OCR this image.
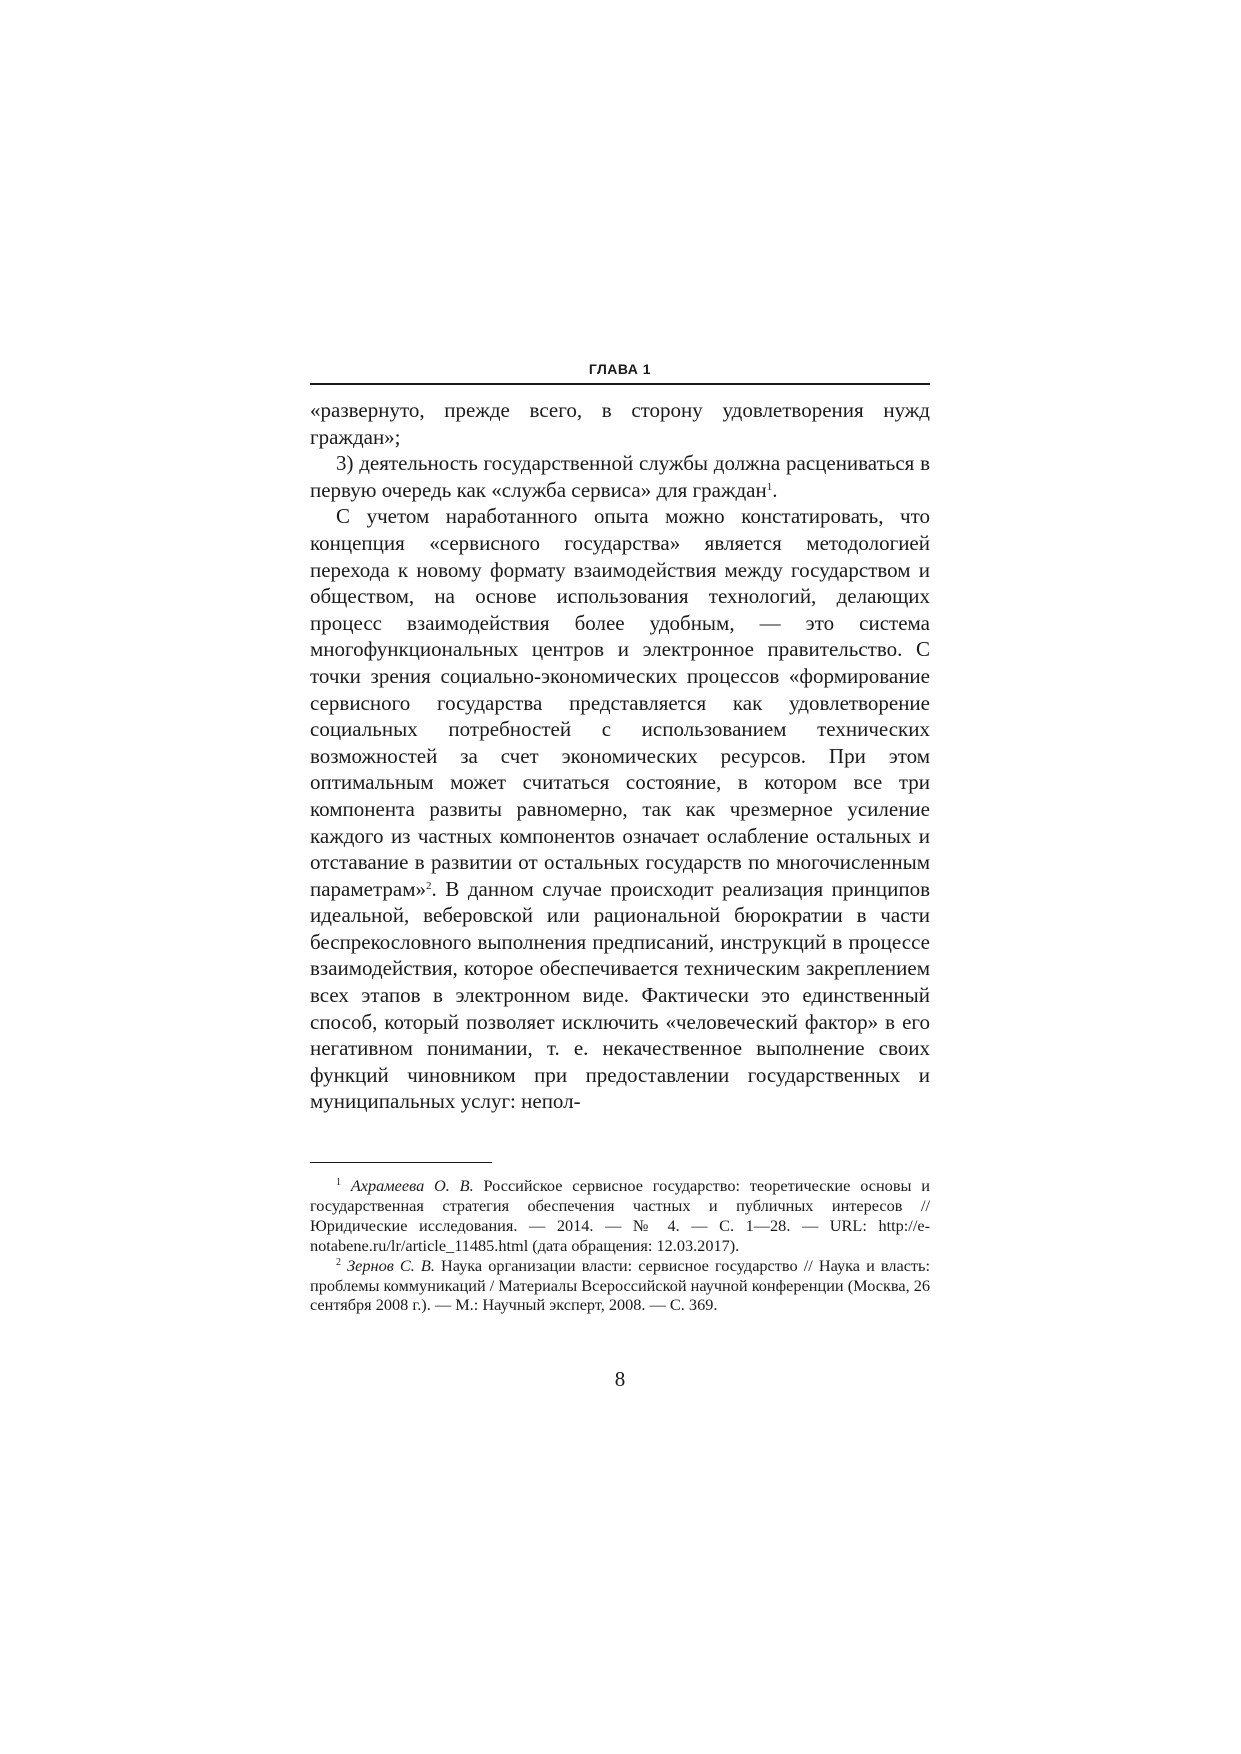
ГЛАВА 1

«развернуто, прежде всего, в сторону удовлетворения нужд граждан»;

3) деятельность государственной службы должна расцениваться в первую очередь как «служба сервиса» для граждан$^1$.

С учетом наработанного опыта можно констатировать, что концепция «сервисного государства» является методологией перехода к новому формату взаимодействия между государством и обществом, на основе использования технологий, делающих процесс взаимодействия более удобным, — это система многофункциональных центров и электронное правительство. С точки зрения социально-экономических процессов «формирование сервисного государства представляется как удовлетворение социальных потребностей с использованием технических возможностей за счет экономических ресурсов. При этом оптимальным может считаться состояние, в котором все три компонента развиты равномерно, так как чрезмерное усиление каждого из частных компонентов означает ослабление остальных и отставание в развитии от остальных государств по многочисленным параметрам»$^2$. В данном случае происходит реализация принципов идеальной, веберовской или рациональной бюрократии в части беспрекословного выполнения предписаний, инструкций в процессе взаимодействия, которое обеспечивается техническим закреплением всех этапов в электронном виде. Фактически это единственный способ, который позволяет исключить «человеческий фактор» в его негативном понимании, т. е. некачественное выполнение своих функций чиновником при предоставлении государственных и муниципальных услуг: непол-

$^1$ Ахрамеева О. В. Российское сервисное государство: теоретические основы и государственная стратегия обеспечения частных и публичных интересов // Юридические исследования. — 2014. — № 4. — С. 1—28. — URL: http://e-notabene.ru/lr/article_11485.html (дата обращения: 12.03.2017).

$^2$ Зернов С. В. Наука организации власти: сервисное государство // Наука и власть: проблемы коммуникаций / Материалы Всероссийской научной конференции (Москва, 26 сентября 2008 г.). — М.: Научный эксперт, 2008. — С. 369.

8
